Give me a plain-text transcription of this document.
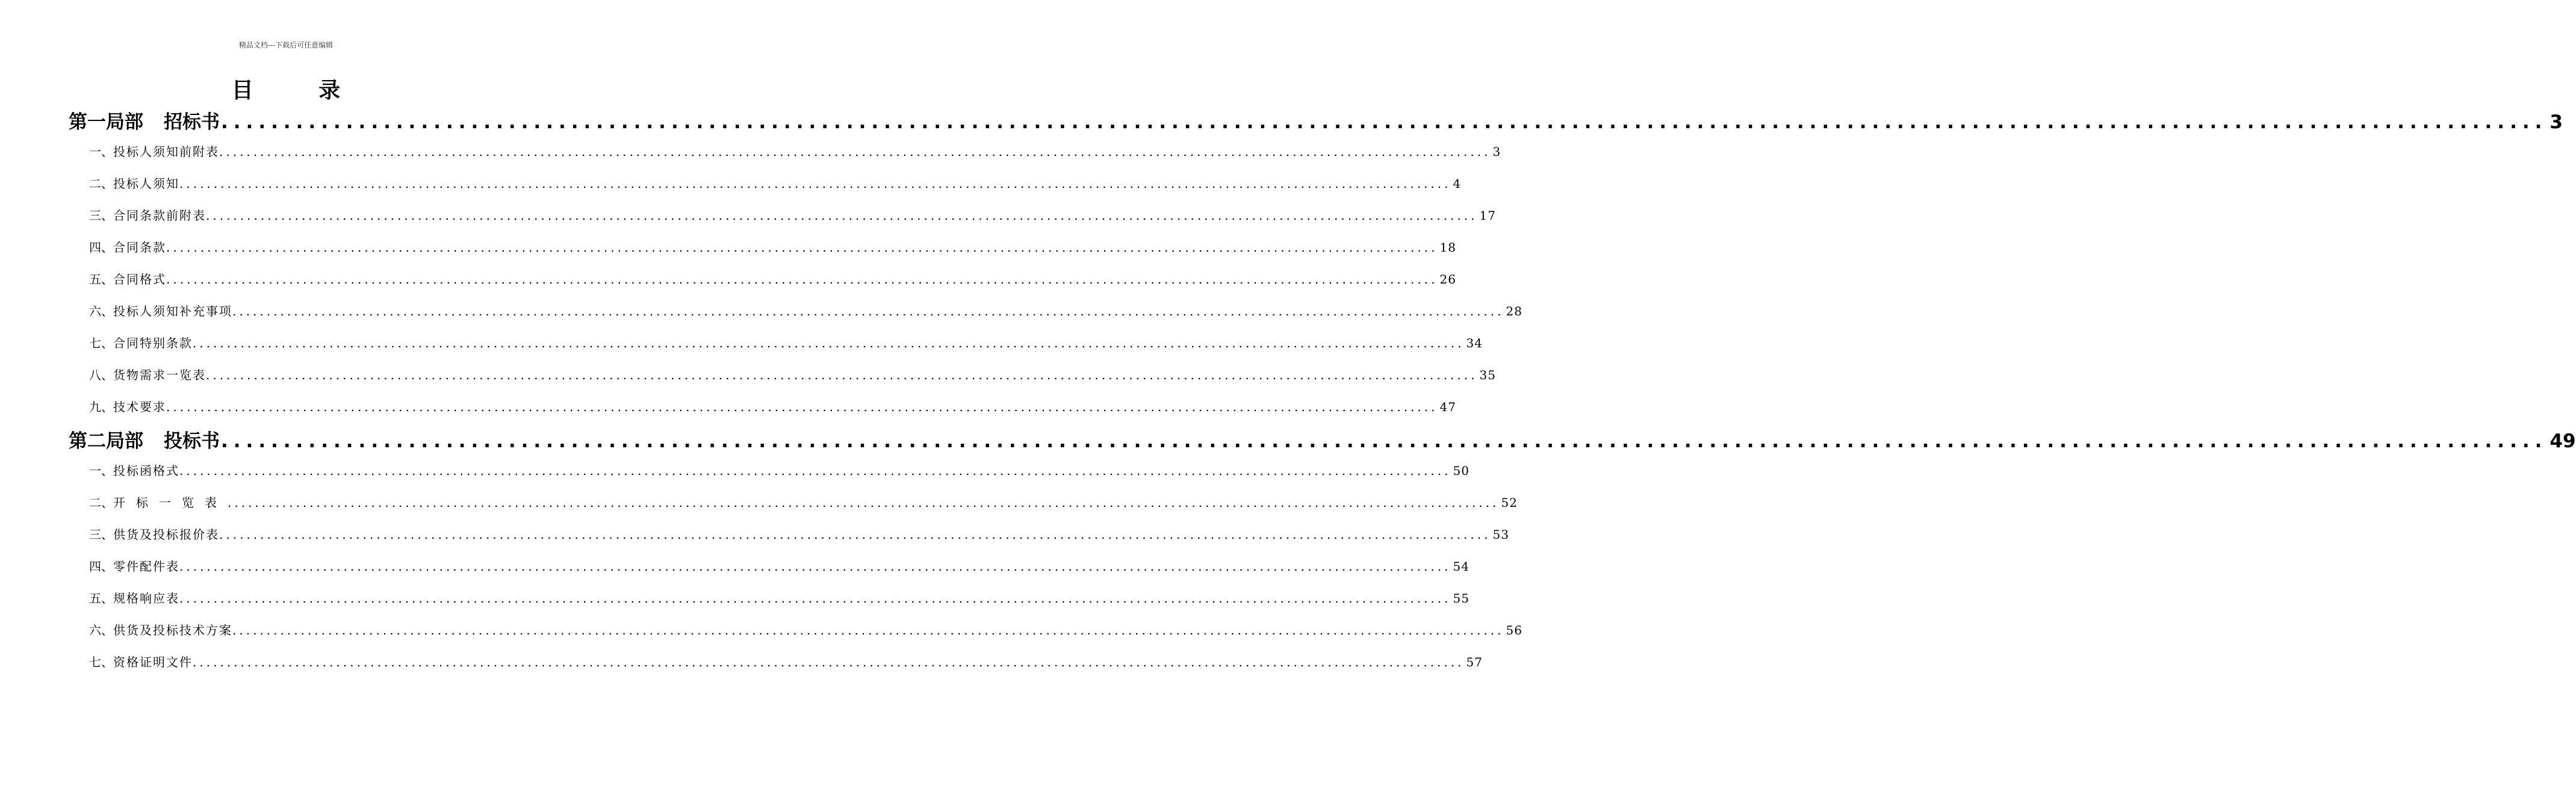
精品文档---下载后可任意编辑
目 录
第一局部 招标书 .......................................................................................................................................................................................... 3
一、 投标人须知前附表 .......................................................................................................................................................................................... 3
二、 投标人须知 .......................................................................................................................................................................................... 4
三、 合同条款前附表 .......................................................................................................................................................................................... 17
四、 合同条款 .......................................................................................................................................................................................... 18
五、 合同格式 .......................................................................................................................................................................................... 26
六、 投标人须知补充事项 .......................................................................................................................................................................................... 28
七、 合同特别条款 .......................................................................................................................................................................................... 34
八、 货物需求一览表 .......................................................................................................................................................................................... 35
九、 技术要求 .......................................................................................................................................................................................... 47
第二局部 投标书 .......................................................................................................................................................................................... 49
一、 投标函格式 .......................................................................................................................................................................................... 50
二、 开标一览表 .......................................................................................................................................................................................... 52
三、 供货及投标报价表 .......................................................................................................................................................................................... 53
四、 零件配件表 .......................................................................................................................................................................................... 54
五、 规格响应表 .......................................................................................................................................................................................... 55
六、 供货及投标技术方案 .......................................................................................................................................................................................... 56
七、 资格证明文件 .......................................................................................................................................................................................... 57
